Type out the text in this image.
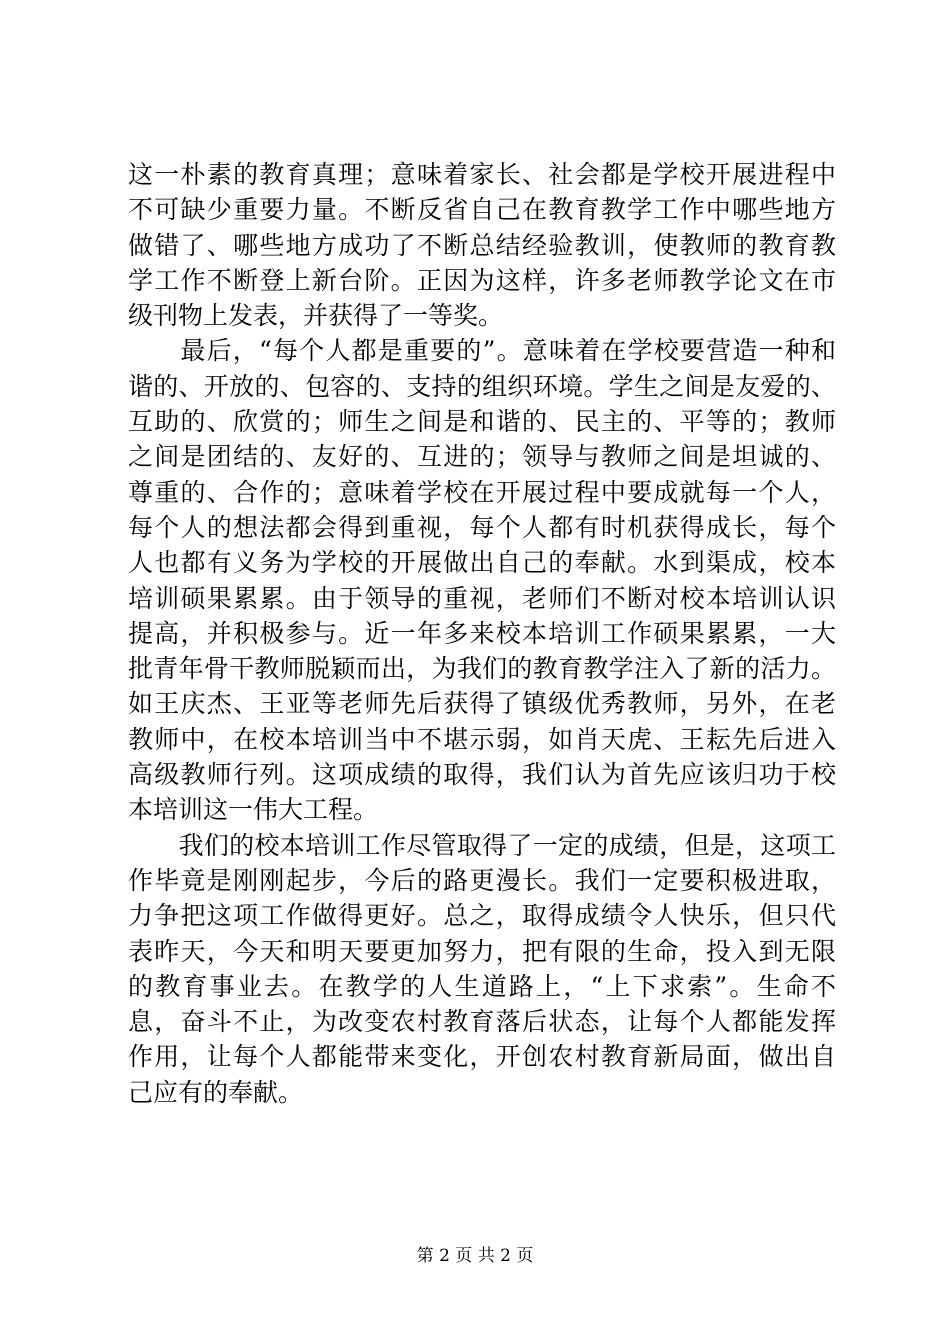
这一朴素的教育真理；意味着家长、社会都是学校开展进程中
不可缺少重要力量。不断反省自己在教育教学工作中哪些地方
做错了、哪些地方成功了不断总结经验教训，使教师的教育教
学工作不断登上新台阶。正因为这样，许多老师教学论文在市
级刊物上发表，并获得了一等奖。
　　最后，“每个人都是重要的”。意味着在学校要营造一种和
谐的、开放的、包容的、支持的组织环境。学生之间是友爱的、
互助的、欣赏的；师生之间是和谐的、民主的、平等的；教师
之间是团结的、友好的、互进的；领导与教师之间是坦诚的、
尊重的、合作的；意味着学校在开展过程中要成就每一个人，
每个人的想法都会得到重视，每个人都有时机获得成长，每个
人也都有义务为学校的开展做出自己的奉献。水到渠成，校本
培训硕果累累。由于领导的重视，老师们不断对校本培训认识
提高，并积极参与。近一年多来校本培训工作硕果累累，一大
批青年骨干教师脱颖而出，为我们的教育教学注入了新的活力。
如王庆杰、王亚等老师先后获得了镇级优秀教师，另外，在老
教师中，在校本培训当中不堪示弱，如肖天虎、王耘先后进入
高级教师行列。这项成绩的取得，我们认为首先应该归功于校
本培训这一伟大工程。
　　我们的校本培训工作尽管取得了一定的成绩，但是，这项工
作毕竟是刚刚起步，今后的路更漫长。我们一定要积极进取，
力争把这项工作做得更好。总之，取得成绩令人快乐，但只代
表昨天，今天和明天要更加努力，把有限的生命，投入到无限
的教育事业去。在教学的人生道路上，“上下求索”。生命不
息，奋斗不止，为改变农村教育落后状态，让每个人都能发挥
作用，让每个人都能带来变化，开创农村教育新局面，做出自
己应有的奉献。
第 2 页 共 2 页
